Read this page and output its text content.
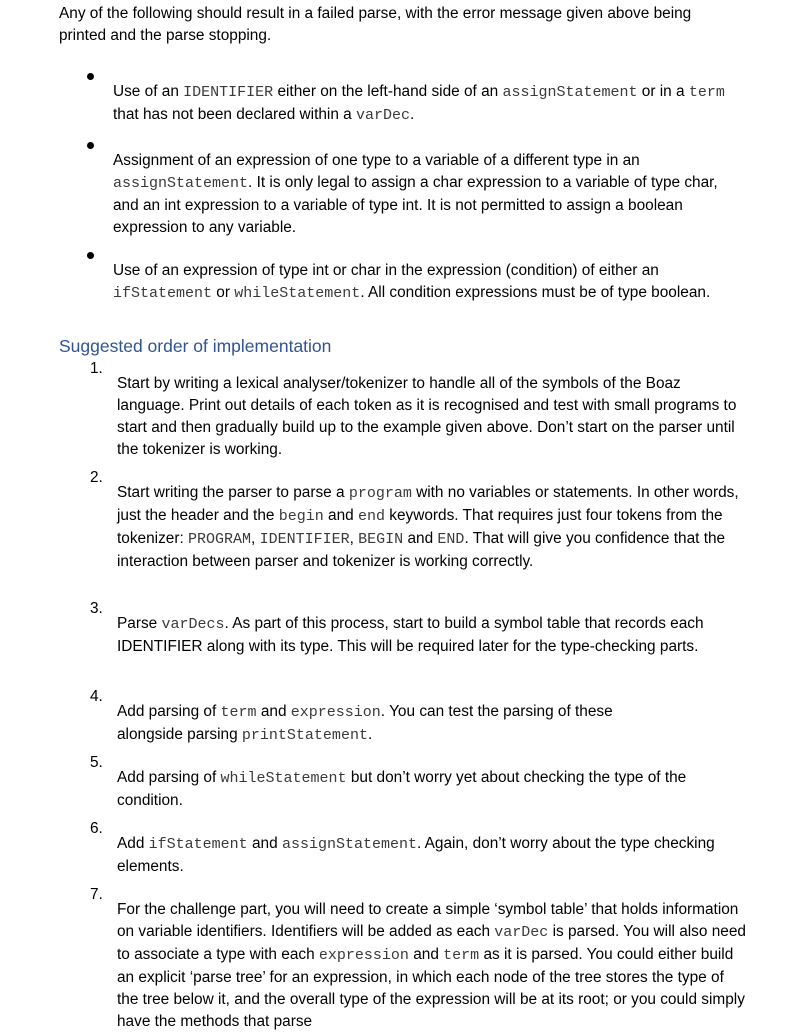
Any of the following should result in a failed parse, with the error message given above being printed and the parse stopping.

Use of an IDENTIFIER either on the left-hand side of an assignStatement or in a term that has not been declared within a varDec.

Assignment of an expression of one type to a variable of a different type in an assignStatement. It is only legal to assign a char expression to a variable of type char, and an int expression to a variable of type int. It is not permitted to assign a boolean expression to any variable.

Use of an expression of type int or char in the expression (condition) of either an ifStatement or whileStatement. All condition expressions must be of type boolean.

Suggested order of implementation
1.

Start by writing a lexical analyser/tokenizer to handle all of the symbols of the Boaz language. Print out details of each token as it is recognised and test with small programs to start and then gradually build up to the example given above. Don’t start on the parser until the tokenizer is working.

2.

Start writing the parser to parse a program with no variables or statements. In other words, just the header and the begin and end keywords. That requires just four tokens from the tokenizer: PROGRAM, IDENTIFIER, BEGIN and END. That will give you confidence that the interaction between parser and tokenizer is working correctly.

3.

Parse varDecs. As part of this process, start to build a symbol table that records each IDENTIFIER along with its type. This will be required later for the type-checking parts.

4.

Add parsing of term and expression. You can test the parsing of these alongside parsing printStatement.

5.

Add parsing of whileStatement but don’t worry yet about checking the type of the condition.

6.

Add ifStatement and assignStatement. Again, don’t worry about the type checking elements.

7.

For the challenge part, you will need to create a simple ‘symbol table’ that holds information on variable identifiers. Identifiers will be added as each varDec is parsed. You will also need to associate a type with each expression and term as it is parsed. You could either build an explicit ‘parse tree’ for an expression, in which each node of the tree stores the type of the tree below it, and the overall type of the expression will be at its root; or you could simply have the methods that parse
